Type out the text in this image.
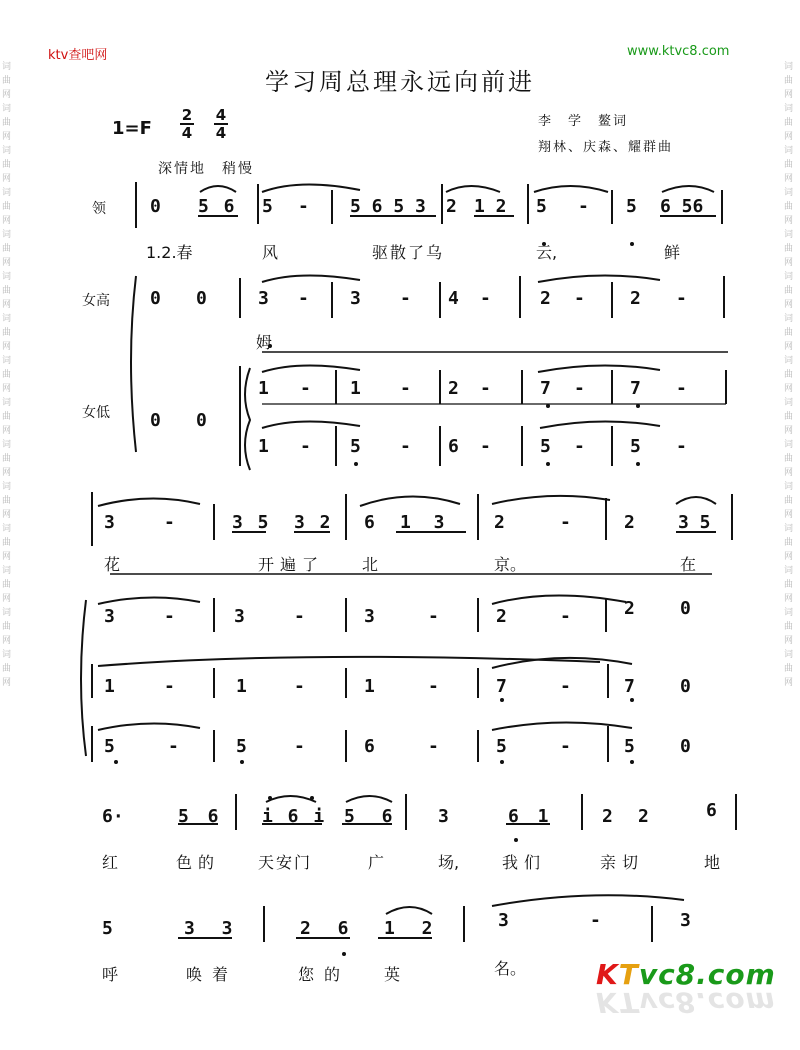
词曲网词曲网词曲网词曲网词曲网词曲网词曲网词曲网词曲网词曲网词曲网词曲网词曲网词曲网词曲网
词曲网词曲网词曲网词曲网词曲网词曲网词曲网词曲网词曲网词曲网词曲网词曲网词曲网词曲网词曲网
ktv查吧网	www.ktvc8.com
学习周总理永远向前进
1=F
2
4
4
4
李　学　鳌词
翔林、庆森、耀群曲
深情地　稍慢
领
女高
女低
0 5 6 5 - 5 6 5 3 2 1 2 5 - 5 6 56
1.2.春	风	驱散了乌	云,	鲜
0 0	3 - 3 - 4 -	2 -	2 -
姆
1 - 1 - 2 -	7 -	7 -
0 0
1 - 5 - 6 -	5 -	5 -
3	-	3 5 3 2 6 1 3 2	-	2 3 5
花	开遍了 北	京。	在
3	-	3	-	3	-	2	-	2	0
1	-	1	-	1	-	7	-	7	0
5	-	5	-	6	-	5	-	5	0
6·	5 6 i 6 i 5 6 3	6 1	2 2	6
红	色的 天安门	广	场,	我们	亲切	地
5	3 3	2 6 1 2	3	-	3
呼	唤着	您的 英	名。 KTvc8.com
KTvc8.com
